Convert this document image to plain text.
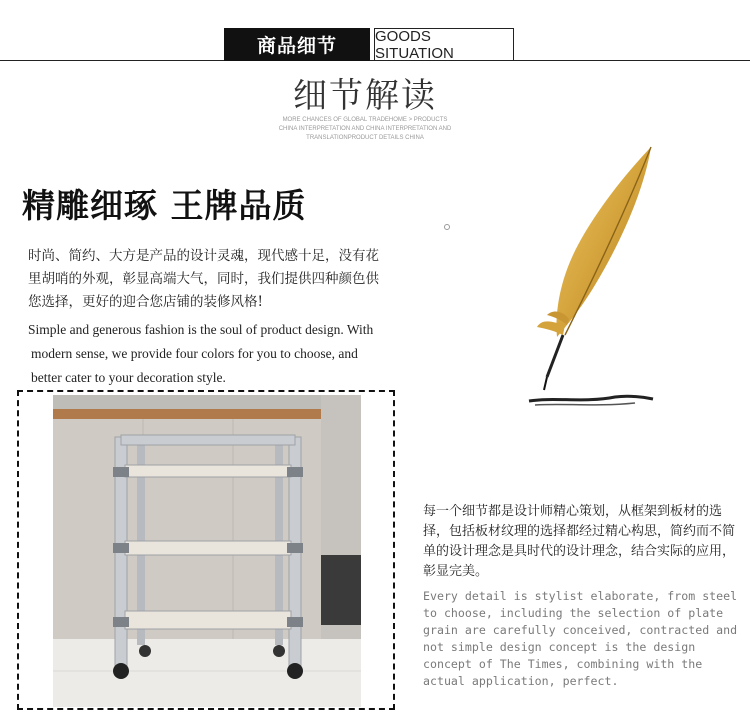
商品细节	GOODS SITUATION
细节解读
MORE CHANCES OF GLOBAL TRADEHOME > PRODUCTS
CHINA INTERPRETATION AND CHINA INTERPRETATION AND
TRANSLATIONPRODUCT DETAILS CHINA
精雕细琢 王牌品质
时尚、简约、大方是产品的设计灵魂，现代感十足，没有花里胡哨的外观，彰显高端大气，同时，我们提供四种颜色供您选择，更好的迎合您店铺的装修风格!
Simple and generous fashion is the soul of product design. With
modern sense, we provide four colors for you to choose, and
better cater to your decoration style.
每一个细节都是设计师精心策划，从框架到板材的选择，包括板材纹理的选择都经过精心构思，简约而不简单的设计理念是具时代的设计理念，结合实际的应用，彰显完美。
Every detail is stylist elaborate, from steel to choose, including the selection of plate grain are carefully conceived, contracted and not simple design concept is the design concept of The Times, combining with the actual application, perfect.
